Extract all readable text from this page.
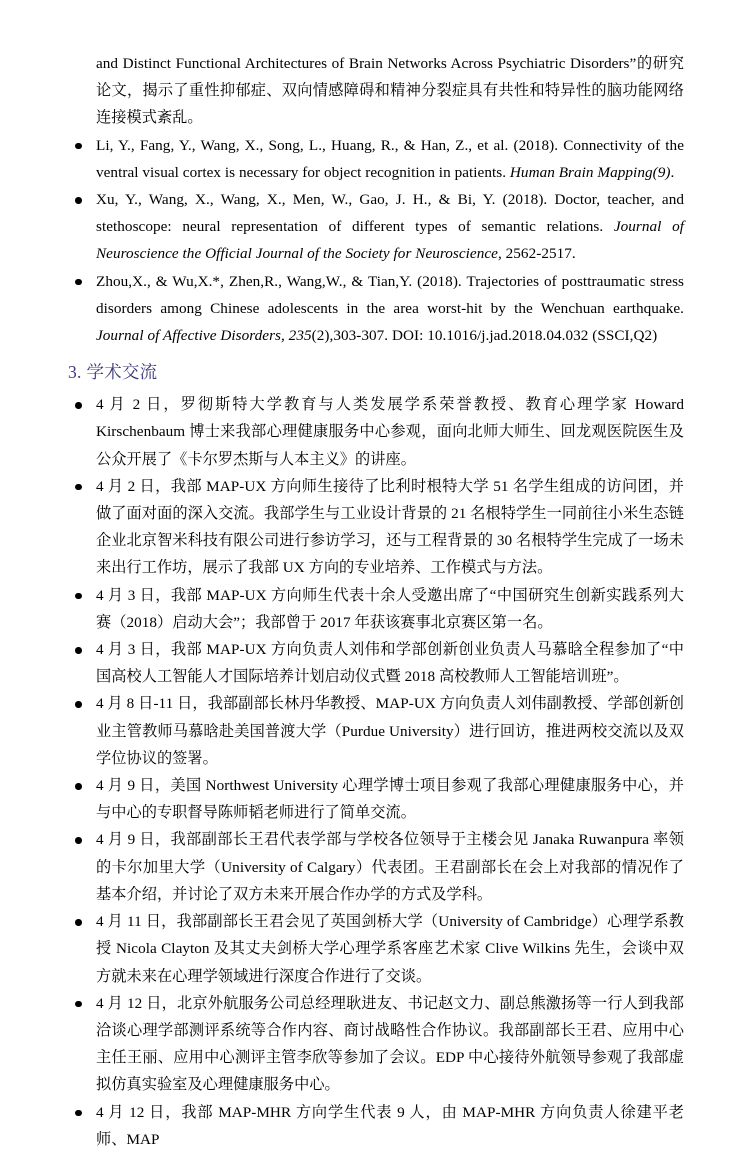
and Distinct Functional Architectures of Brain Networks Across Psychiatric Disorders”的研究论文，揭示了重性抑郁症、双向情感障碍和精神分裂症具有共性和特异性的脑功能网络连接模式紊乱。

Li, Y., Fang, Y., Wang, X., Song, L., Huang, R., & Han, Z., et al. (2018). Connectivity of the ventral visual cortex is necessary for object recognition in patients. Human Brain Mapping(9).
Xu, Y., Wang, X., Wang, X., Men, W., Gao, J. H., & Bi, Y. (2018). Doctor, teacher, and stethoscope: neural representation of different types of semantic relations. Journal of Neuroscience the Official Journal of the Society for Neuroscience, 2562-2517.
Zhou,X., & Wu,X.*, Zhen,R., Wang,W., & Tian,Y. (2018). Trajectories of posttraumatic stress disorders among Chinese adolescents in the area worst-hit by the Wenchuan earthquake. Journal of Affective Disorders, 235(2),303-307. DOI: 10.1016/j.jad.2018.04.032 (SSCI,Q2)
3. 学术交流
4 月 2 日，罗彻斯特大学教育与人类发展学系荣誉教授、教育心理学家 Howard Kirschenbaum 博士来我部心理健康服务中心参观，面向北师大师生、回龙观医院医生及公众开展了《卡尔罗杰斯与人本主义》的讲座。
4 月 2 日，我部 MAP-UX 方向师生接待了比利时根特大学 51 名学生组成的访问团，并做了面对面的深入交流。我部学生与工业设计背景的 21 名根特学生一同前往小米生态链企业北京智米科技有限公司进行参访学习，还与工程背景的 30 名根特学生完成了一场未来出行工作坊，展示了我部 UX 方向的专业培养、工作模式与方法。
4 月 3 日，我部 MAP-UX 方向师生代表十余人受邀出席了“中国研究生创新实践系列大赛（2018）启动大会”；我部曾于 2017 年获该赛事北京赛区第一名。
4 月 3 日，我部 MAP-UX 方向负责人刘伟和学部创新创业负责人马慕晗全程参加了“中国高校人工智能人才国际培养计划启动仪式暨 2018 高校教师人工智能培训班”。
4 月 8 日-11 日，我部副部长林丹华教授、MAP-UX 方向负责人刘伟副教授、学部创新创业主管教师马慕晗赴美国普渡大学（Purdue University）进行回访，推进两校交流以及双学位协议的签署。
4 月 9 日，美国 Northwest University 心理学博士项目参观了我部心理健康服务中心，并与中心的专职督导陈师韬老师进行了简单交流。
4 月 9 日，我部副部长王君代表学部与学校各位领导于主楼会见 Janaka Ruwanpura 率领的卡尔加里大学（University of Calgary）代表团。王君副部长在会上对我部的情况作了基本介绍，并讨论了双方未来开展合作办学的方式及学科。
4 月 11 日，我部副部长王君会见了英国剑桥大学（University of Cambridge）心理学系教授 Nicola Clayton 及其丈夫剑桥大学心理学系客座艺术家 Clive Wilkins 先生，会谈中双方就未来在心理学领域进行深度合作进行了交谈。
4 月 12 日，北京外航服务公司总经理耿进友、书记赵文力、副总熊激扬等一行人到我部洽谈心理学部测评系统等合作内容、商讨战略性合作协议。我部副部长王君、应用中心主任王丽、应用中心测评主管李欣等参加了会议。EDP 中心接待外航领导参观了我部虚拟仿真实验室及心理健康服务中心。
4 月 12 日，我部 MAP-MHR 方向学生代表 9 人，由 MAP-MHR 方向负责人徐建平老师、MAP
